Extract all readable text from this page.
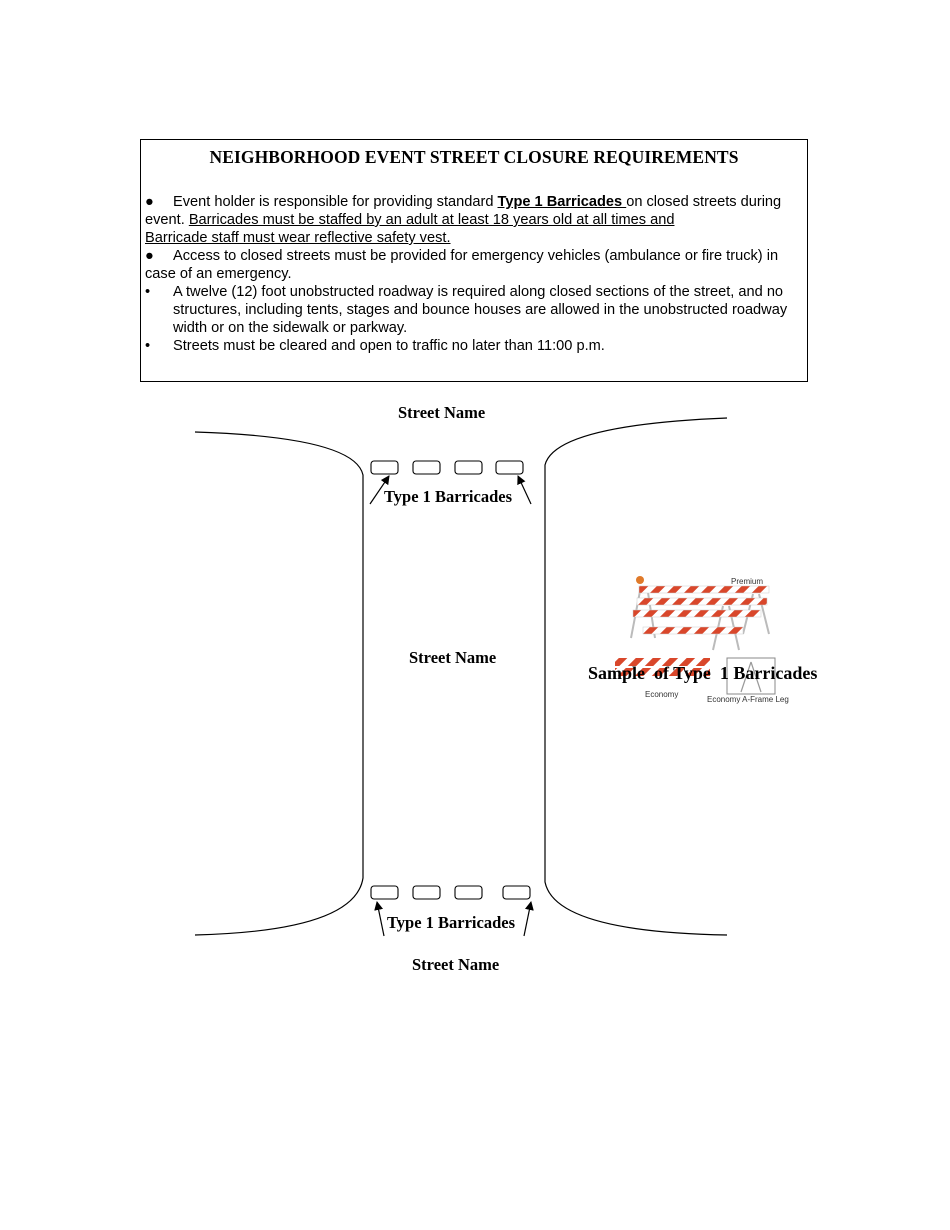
NEIGHBORHOOD EVENT STREET CLOSURE REQUIREMENTS

● Event holder is responsible for providing standard Type 1 Barricades on closed streets during event. Barricades must be staffed by an adult at least 18 years old at all times and
Barricade staff must wear reflective safety vest.

● Access to closed streets must be provided for emergency vehicles (ambulance or fire truck) in case of an emergency.

• A twelve (12) foot unobstructed roadway is required along closed sections of the street, and no structures, including tents, stages and bounce houses are allowed in the unobstructed roadway width or on the sidewalk or parkway.

• Streets must be cleared and open to traffic no later than 11:00 p.m.

Street Name
Type 1 Barricades
Street Name
Type 1 Barricades
Street Name
Premium
Economy
Economy A-Frame Leg
Sample  of Type  1 Barricades
